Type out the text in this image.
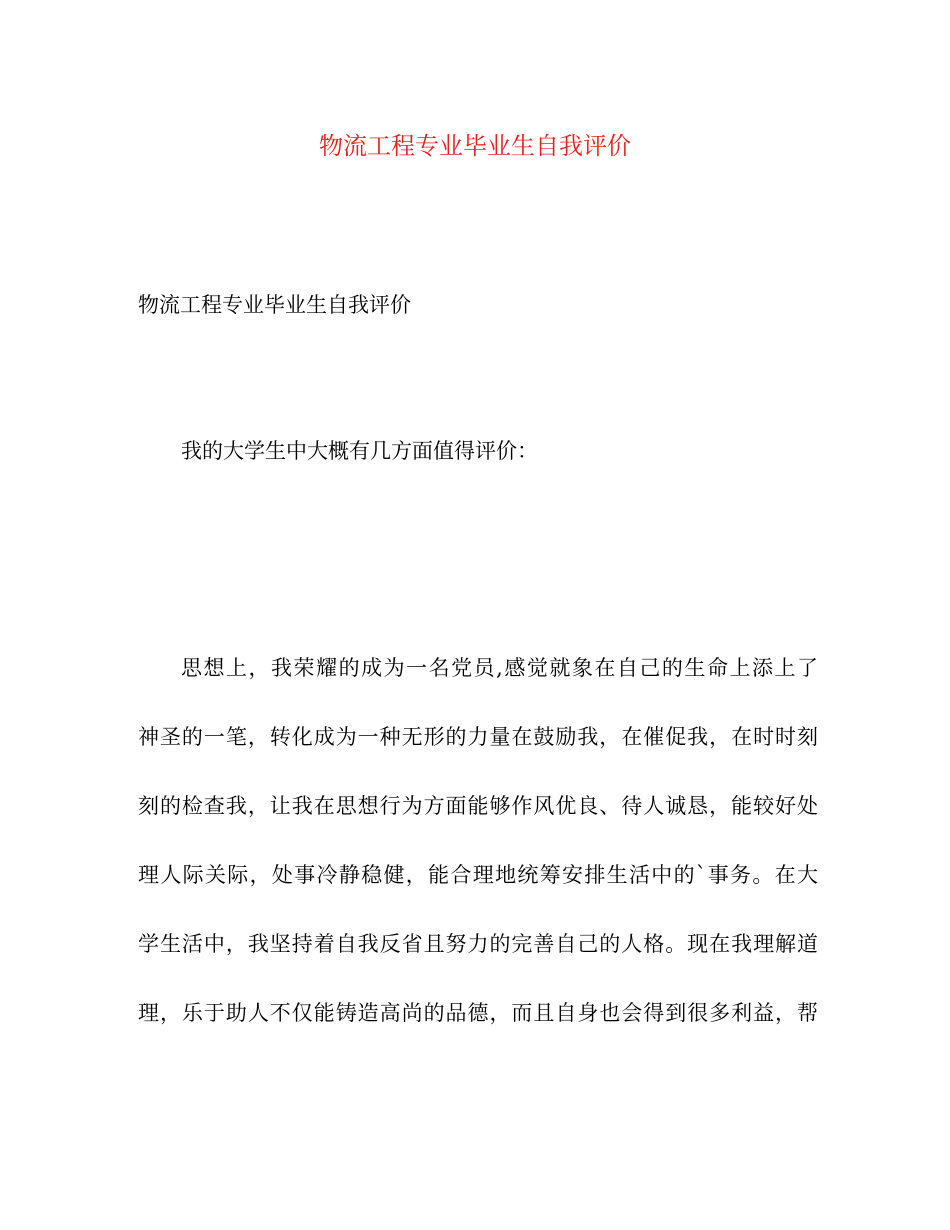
物流工程专业毕业生自我评价
物流工程专业毕业生自我评价
我的大学生中大概有几方面值得评价：
思想上，我荣耀的成为一名党员,感觉就象在自己的生命上添上了
神圣的一笔，转化成为一种无形的力量在鼓励我，在催促我，在时时刻
刻的检查我，让我在思想行为方面能够作风优良、待人诚恳，能较好处
理人际关际，处事冷静稳健，能合理地统筹安排生活中的`事务。在大
学生活中，我坚持着自我反省且努力的完善自己的人格。现在我理解道
理，乐于助人不仅能铸造高尚的品德，而且自身也会得到很多利益，帮
